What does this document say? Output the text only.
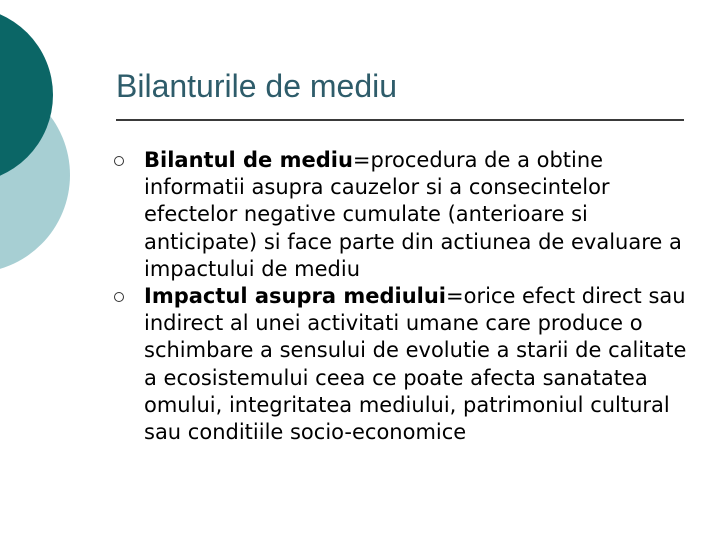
Bilanturile de mediu

Bilantul de mediu=procedura de a obtine informatii asupra cauzelor si a consecintelor efectelor negative cumulate (anterioare si anticipate) si face parte din actiunea de evaluare a impactului de mediu

Impactul asupra mediului=orice efect direct sau indirect al unei activitati umane care produce o schimbare a sensului de evolutie a starii de calitate a ecosistemului ceea ce poate afecta sanatatea omului, integritatea mediului, patrimoniul cultural sau conditiile socio-economice
